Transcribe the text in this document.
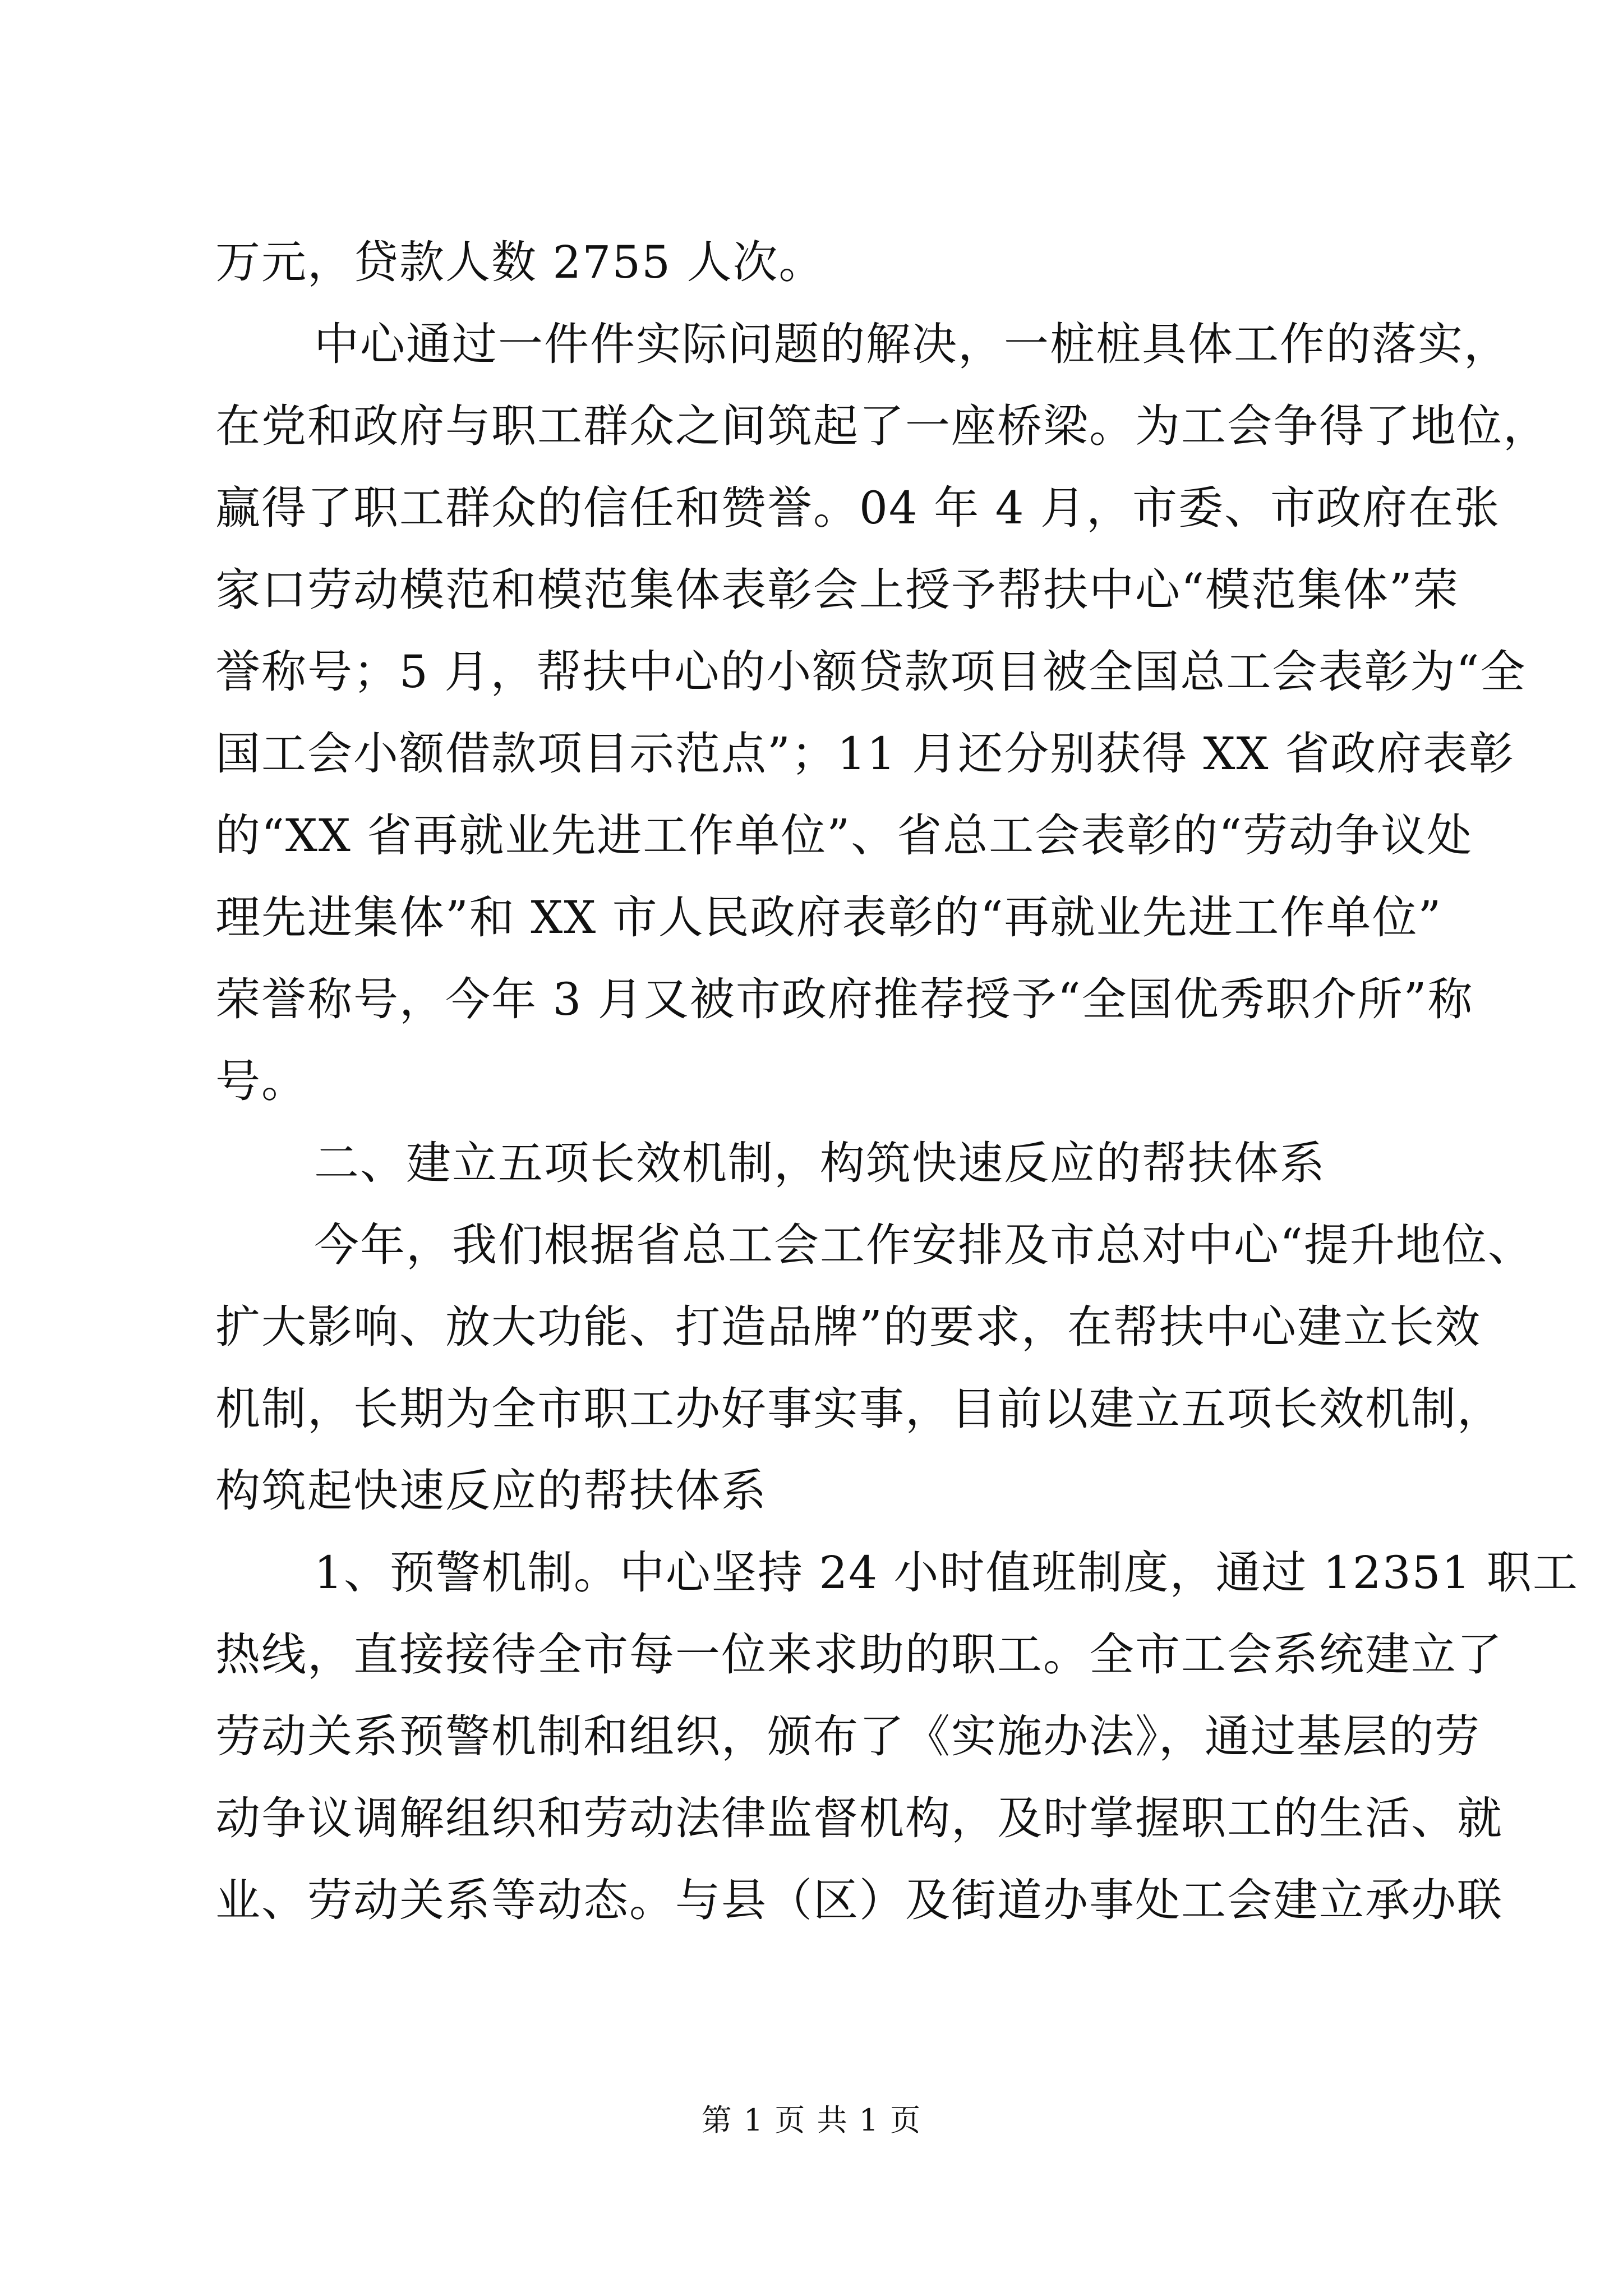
万元，贷款人数 2755 人次。
中心通过一件件实际问题的解决，一桩桩具体工作的落实，
在党和政府与职工群众之间筑起了一座桥梁。为工会争得了地位，
赢得了职工群众的信任和赞誉。04 年 4 月，市委、市政府在张
家口劳动模范和模范集体表彰会上授予帮扶中心“模范集体”荣
誉称号；5 月，帮扶中心的小额贷款项目被全国总工会表彰为“全
国工会小额借款项目示范点”；11 月还分别获得 XX 省政府表彰
的“XX 省再就业先进工作单位”、省总工会表彰的“劳动争议处
理先进集体”和 XX 市人民政府表彰的“再就业先进工作单位”
荣誉称号，今年 3 月又被市政府推荐授予“全国优秀职介所”称
号。
二、建立五项长效机制，构筑快速反应的帮扶体系
今年，我们根据省总工会工作安排及市总对中心“提升地位、
扩大影响、放大功能、打造品牌”的要求，在帮扶中心建立长效
机制，长期为全市职工办好事实事，目前以建立五项长效机制，
构筑起快速反应的帮扶体系
1、预警机制。中心坚持 24 小时值班制度，通过 12351 职工
热线，直接接待全市每一位来求助的职工。全市工会系统建立了
劳动关系预警机制和组织，颁布了《实施办法》，通过基层的劳
动争议调解组织和劳动法律监督机构，及时掌握职工的生活、就
业、劳动关系等动态。与县（区）及街道办事处工会建立承办联
第 1 页 共 1 页
